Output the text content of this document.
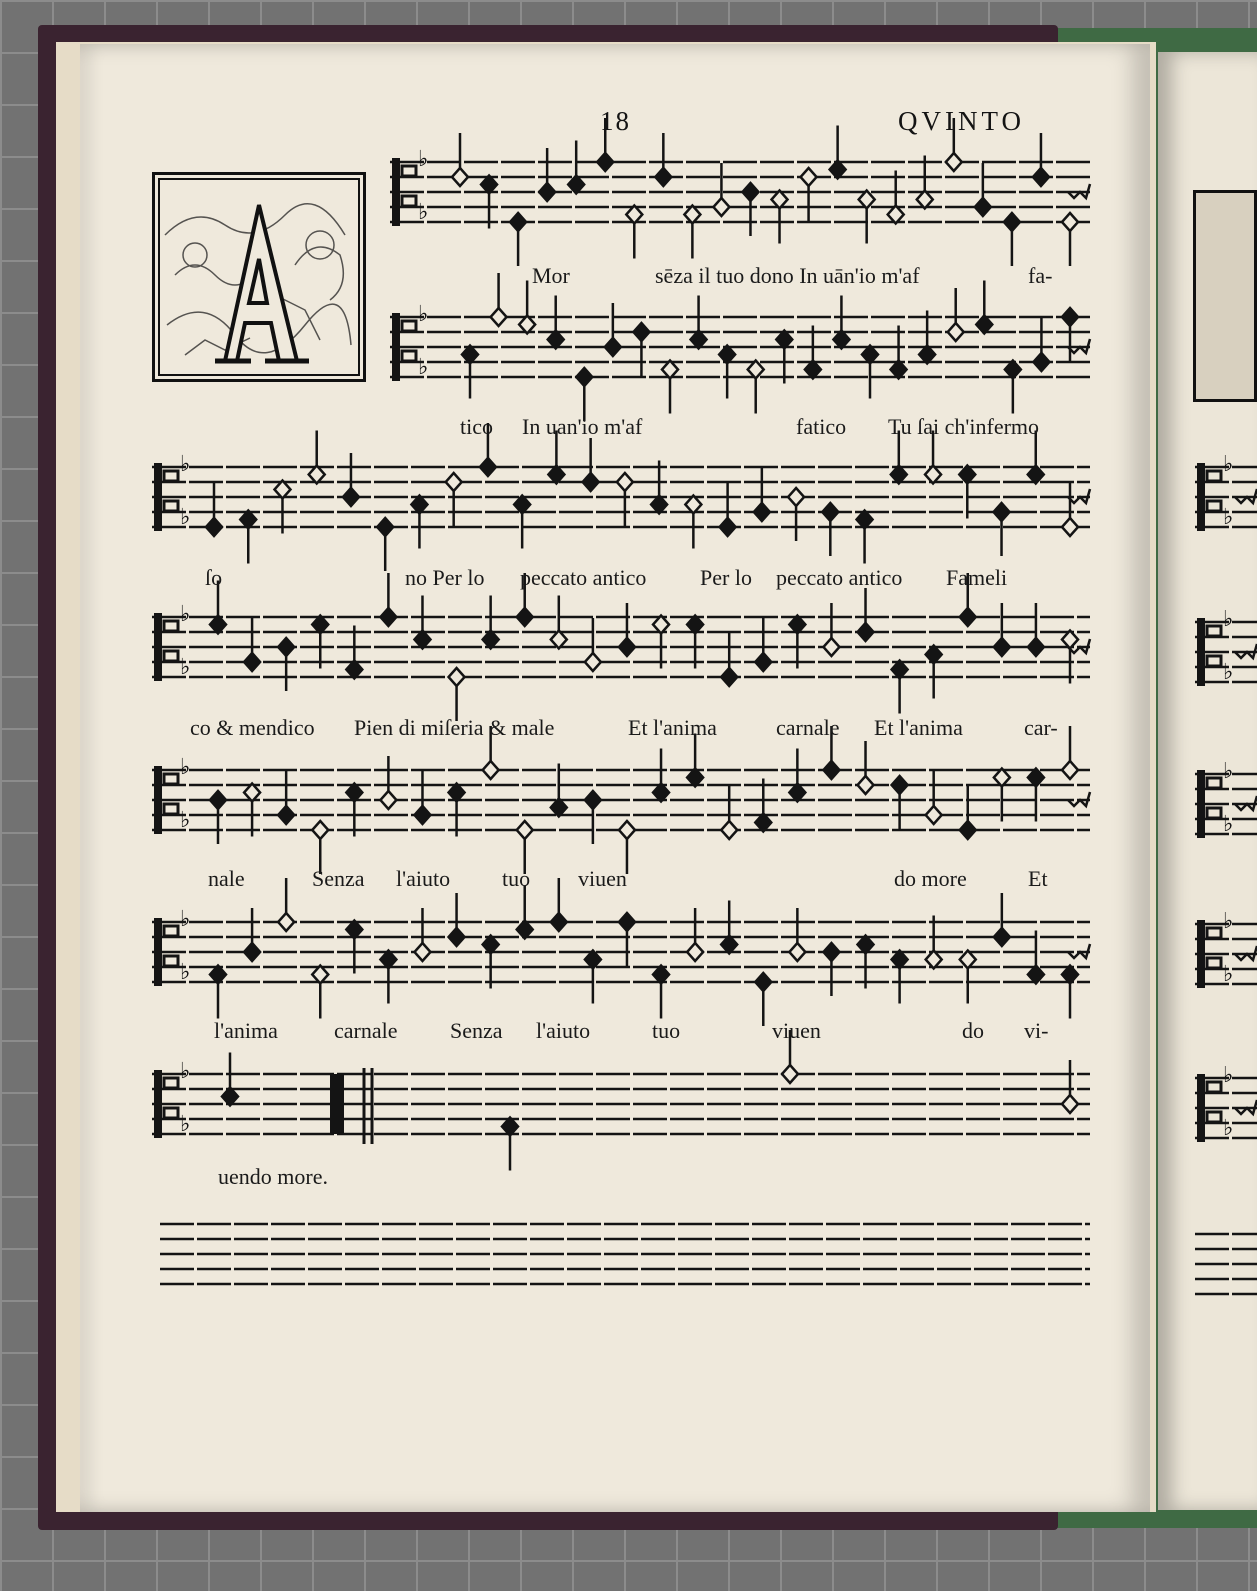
18	QVINTO
♭
♭
♭
♭
♭
♭
♭
♭
♭
♭
♭
♭
♭
♭
Mor	sēza il tuo dono In uān'io m'af	fa-
tico In uan'io m'af	fatico Tu ſai ch'infermo
ſo	no Per lo peccato antico Per lo peccato antico Fameli
co & mendico Pien di miſeria & male	Et l'anima	carnale Et l'anima	car-
nale	Senza l'aiuto tuo viuen	do more	Et
l'anima	carnale Senza l'aiuto	tuo	viuen	do vi-
uendo more.
♭
♭
♭
♭
♭
♭
♭
♭
♭
♭
